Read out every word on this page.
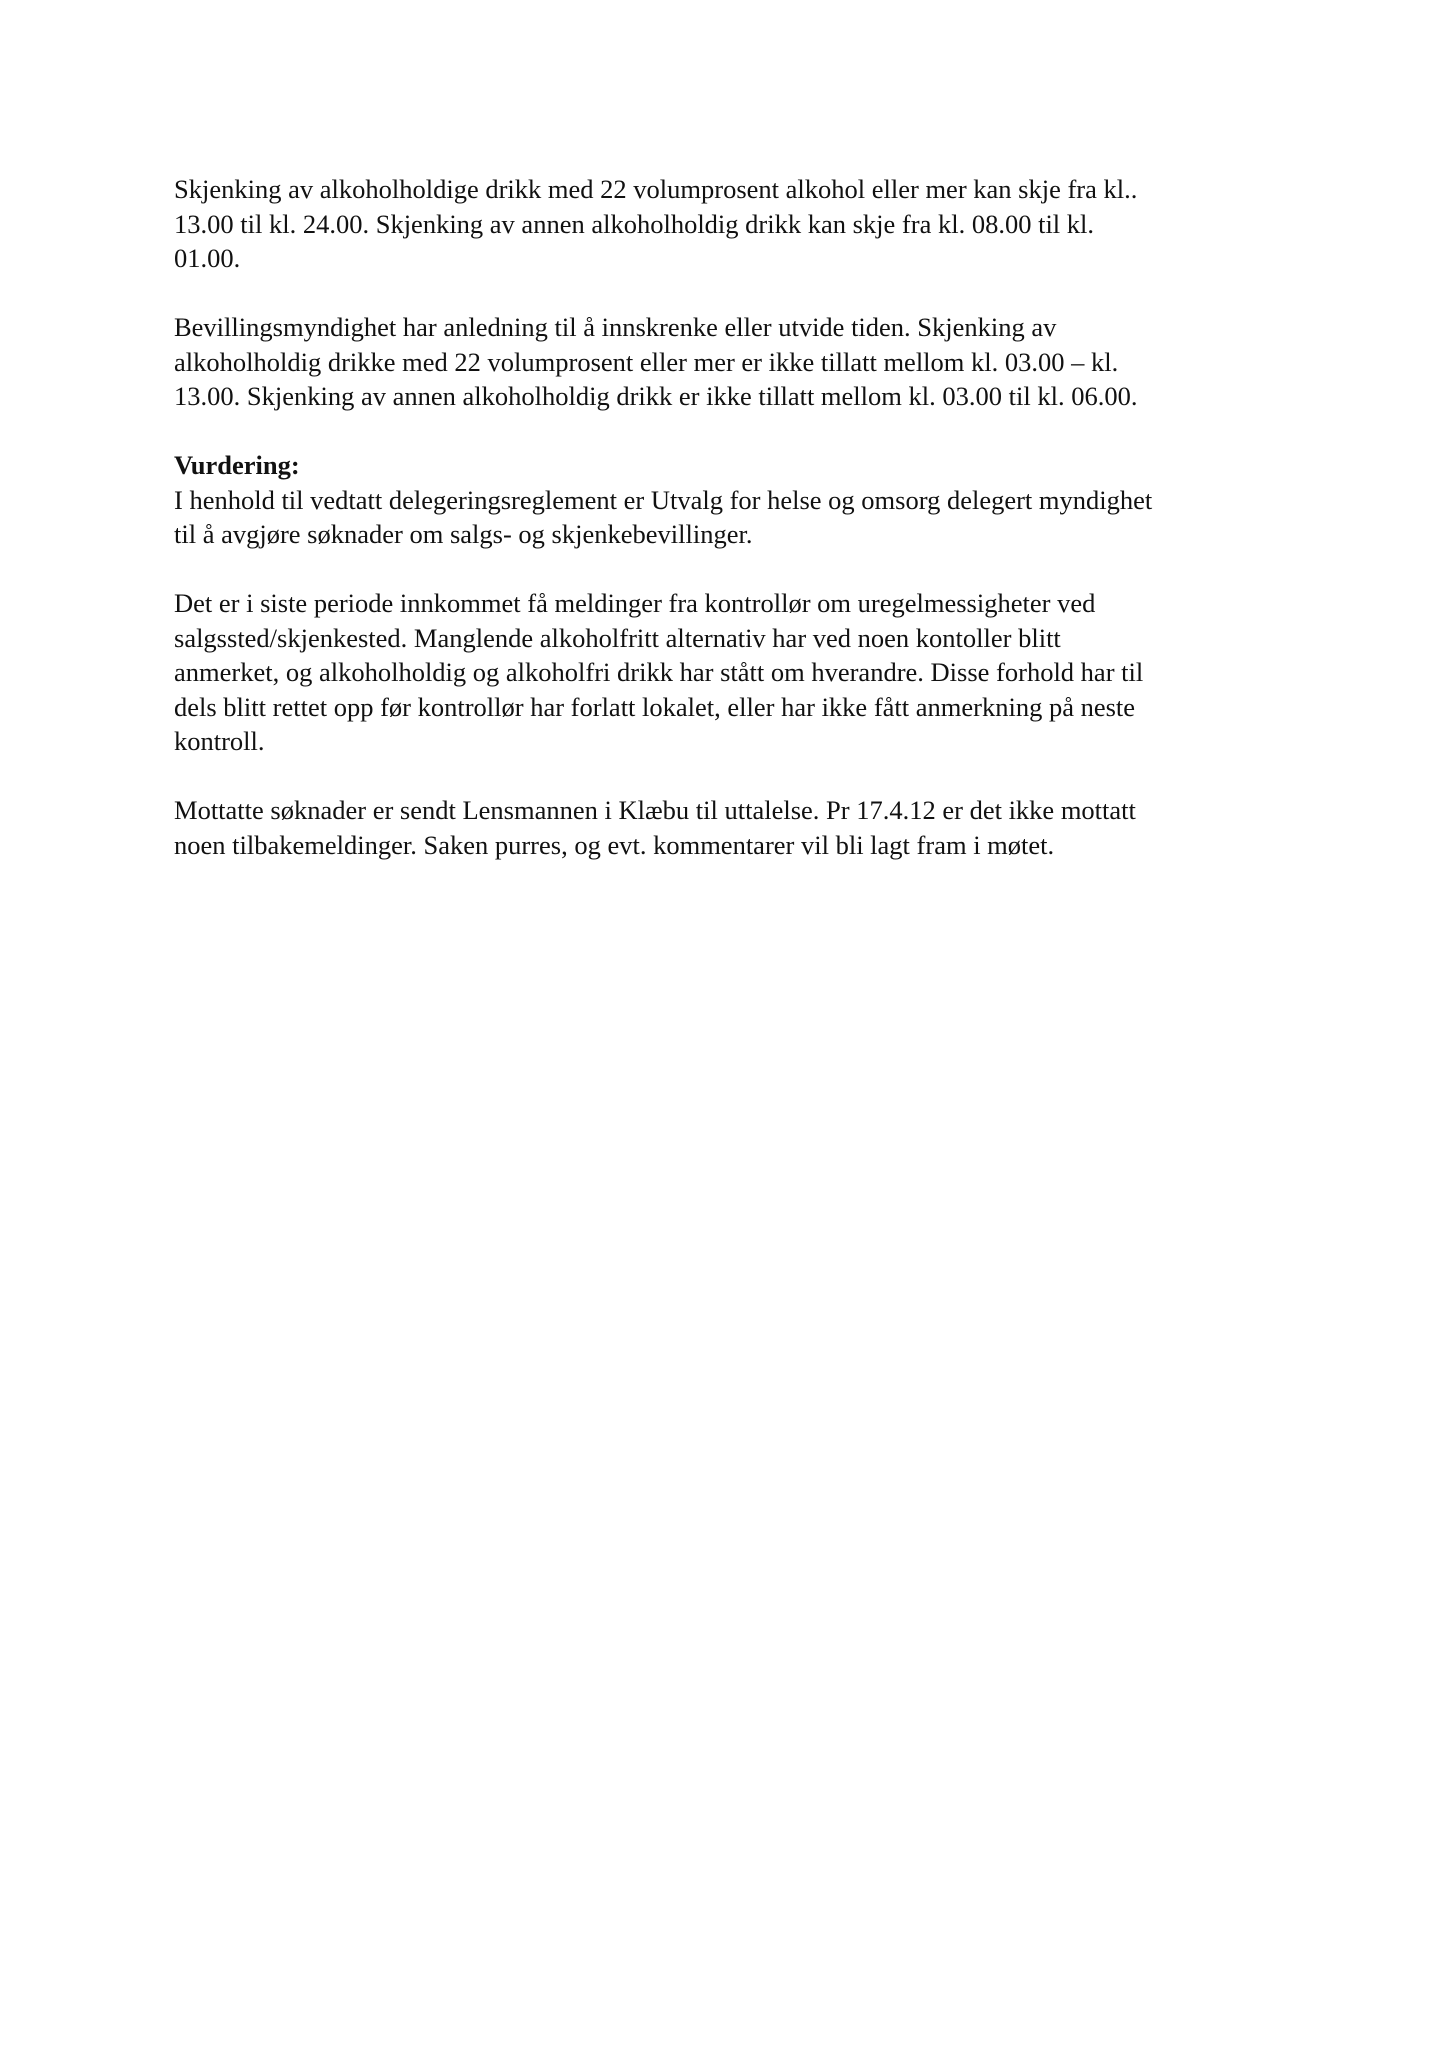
Skjenking av alkoholholdige drikk med 22 volumprosent alkohol eller mer kan skje fra kl..
13.00 til kl. 24.00. Skjenking av annen alkoholholdig drikk kan skje fra kl. 08.00 til kl.
01.00.

Bevillingsmyndighet har anledning til å innskrenke eller utvide tiden. Skjenking av
alkoholholdig drikke med 22 volumprosent eller mer er ikke tillatt mellom kl. 03.00 – kl.
13.00. Skjenking av annen alkoholholdig drikk er ikke tillatt mellom kl. 03.00 til kl. 06.00.

Vurdering:

I henhold til vedtatt delegeringsreglement er Utvalg for helse og omsorg delegert myndighet
til å avgjøre søknader om salgs- og skjenkebevillinger.

Det er i siste periode innkommet få meldinger fra kontrollør om uregelmessigheter ved
salgssted/skjenkested. Manglende alkoholfritt alternativ har ved noen kontoller blitt
anmerket, og alkoholholdig og alkoholfri drikk har stått om hverandre. Disse forhold har til
dels blitt rettet opp før kontrollør har forlatt lokalet, eller har ikke fått anmerkning på neste
kontroll.

Mottatte søknader er sendt Lensmannen i Klæbu til uttalelse. Pr 17.4.12 er det ikke mottatt
noen tilbakemeldinger. Saken purres, og evt. kommentarer vil bli lagt fram i møtet.
